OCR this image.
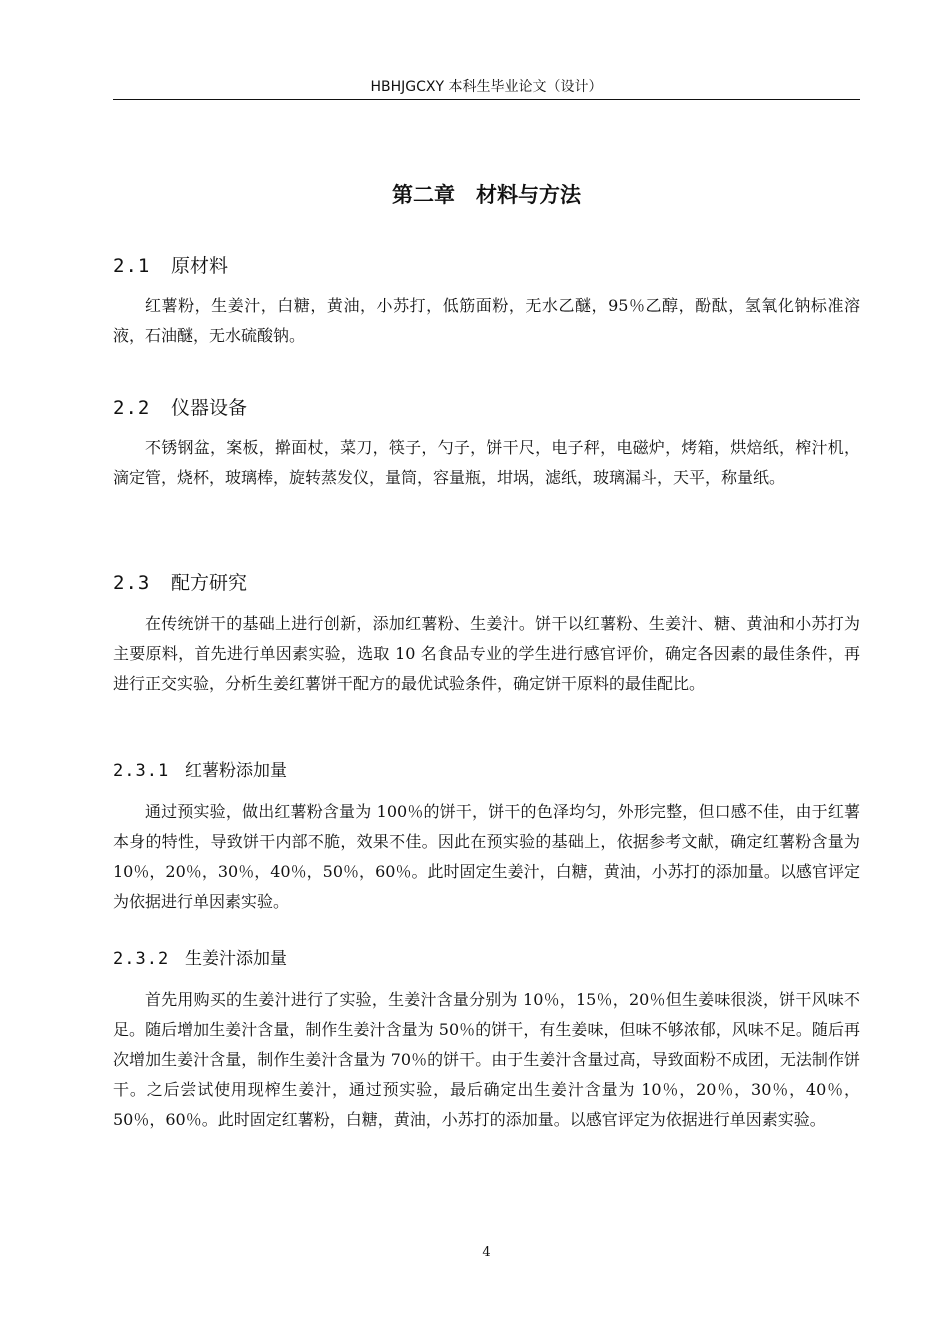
HBHJGCXY 本科生毕业论文（设计）
第二章　材料与方法
2.1 原材料

红薯粉，生姜汁，白糖，黄油，小苏打，低筋面粉，无水乙醚，95％乙醇，酚酞，氢氧化钠标准溶液，石油醚，无水硫酸钠。

2.2 仪器设备

不锈钢盆，案板，擀面杖，菜刀，筷子，勺子，饼干尺，电子秤，电磁炉，烤箱，烘焙纸，榨汁机，滴定管，烧杯，玻璃棒，旋转蒸发仪，量筒，容量瓶，坩埚，滤纸，玻璃漏斗，天平，称量纸。

2.3 配方研究

在传统饼干的基础上进行创新，添加红薯粉、生姜汁。饼干以红薯粉、生姜汁、糖、黄油和小苏打为主要原料，首先进行单因素实验，选取 10 名食品专业的学生进行感官评价，确定各因素的最佳条件，再进行正交实验，分析生姜红薯饼干配方的最优试验条件，确定饼干原料的最佳配比。

2.3.1 红薯粉添加量

通过预实验，做出红薯粉含量为 100％的饼干，饼干的色泽均匀，外形完整，但口感不佳，由于红薯本身的特性，导致饼干内部不脆，效果不佳。因此在预实验的基础上，依据参考文献，确定红薯粉含量为 10％，20％，30％，40％，50％，60％。此时固定生姜汁，白糖，黄油，小苏打的添加量。以感官评定为依据进行单因素实验。

2.3.2 生姜汁添加量

首先用购买的生姜汁进行了实验，生姜汁含量分别为 10％，15％，20％但生姜味很淡，饼干风味不足。随后增加生姜汁含量，制作生姜汁含量为 50％的饼干，有生姜味，但味不够浓郁，风味不足。随后再次增加生姜汁含量，制作生姜汁含量为 70％的饼干。由于生姜汁含量过高，导致面粉不成团，无法制作饼干。之后尝试使用现榨生姜汁，通过预实验，最后确定出生姜汁含量为 10％，20％，30％，40％，50％，60％。此时固定红薯粉，白糖，黄油，小苏打的添加量。以感官评定为依据进行单因素实验。

4
